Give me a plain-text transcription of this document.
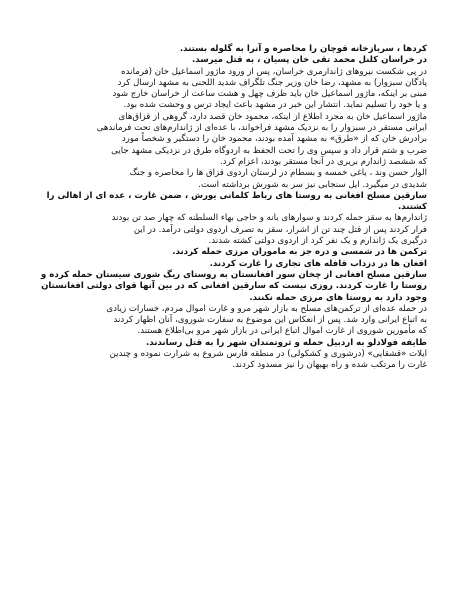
کردها ، سربازخانه قوچان را محاصره و آنرا به گلوله بستند.
در خراسان کلنل محمد تقی خان پسیان ، به قتل میرسد.

در پی شکست نیروهای ژاندارمری خراسان، پس از ورود ماژور اسماعیل خان (فرمانده
پادگان سبزوار) به مشهد، رضا خان وزیر جنگ تلگراف شدید اللحنی به مشهد ارسال کرد
مبنی بر اینکه، ماژور اسماعیل خان باید ظرف چهل و هشت ساعت از خراسان خارج شود
و یا خود را تسلیم نماید. انتشار این خبر در مشهد باعث ایجاد ترس و وحشت شده بود.
ماژور اسماعیل خان به مجرد اطلاع از اینکه، محمود خان قصد دارد، گروهی از قزاق‌های
ایرانی مستقر در سبزوار را به نزدیک مشهد فراخواند، با عده‌ای از ژاندارم‌های تحت فرماندهی
برادرش خان که از «طرق» به مشهد آمده بودند، محمود خان را دستگیر و شخصاً مورد
ضرب و شتم قرار داد و سپس وی را تحت الحفظ به اردوگاه طرق در نزدیکی مشهد جایی
که ششصد ژاندارم بریری در آنجا مستقر بودند، اعزام کرد.

الوار حسن وند ، یاغی خمسه و بسطام در لرستان اردوی قزاق ها را محاصره و جنگ
شدیدی در میگیرد. ایل سنجابی نیز سر به شورش برداشته است.

سارقین مسلح افغانی به روستا های رباط کلمانی یورش ، ضمن غارت ، عده ای از اهالی را
کشتند.

ژاندارم‌ها به سقز حمله کردند و سوارهای بانه و حاجی بهاء السلطنه که چهار صد تن بودند
فرار کردند پس از قتل چند تن از اشرار، سقز به تصرف اردوی دولتی درآمد. در این
درگیری یک ژاندارم و یک نفر کرد از اردوی دولتی کشته شدند.

ترکمن ها در شمسی و دره جز به ماموران مرزی حمله کردند.

افغان ها در دزداب قافله های تجاری را غارت کردند.

سارقین مسلح افغانی از چخان سور افغانستان به روستای ریگ شوری سیستان حمله کرده و
روستا را غارت کردند. روزی نیست که سارقین افغانی که در بین آنها قوای دولتی افغانستان
وجود دارد به روستا های مرزی حمله نکنند.

در حمله عده‌ای از ترکمن‌های مسلح به بازار شهر مرو و غارت اموال مردم، خسارات زیادی
به اتباع ایرانی وارد شد. پس از انعکاس این موضوع به سفارت شوروی، آنان اظهار کردند
که مأمورین شوروی از غارت اموال اتباع ایرانی در بازار شهر مرو بی‌اطلاع هستند.

طایفه فولادلو به اردبیل حمله و ثروتمندان شهر را به قتل رساندند.

ایلات «قشقایی» (درشوری و کشکولی) در منطقه فارس شروع به شرارت نموده و چندین
غارت را مرتکب شده و راه بهبهان را نیز مسدود کردند.
